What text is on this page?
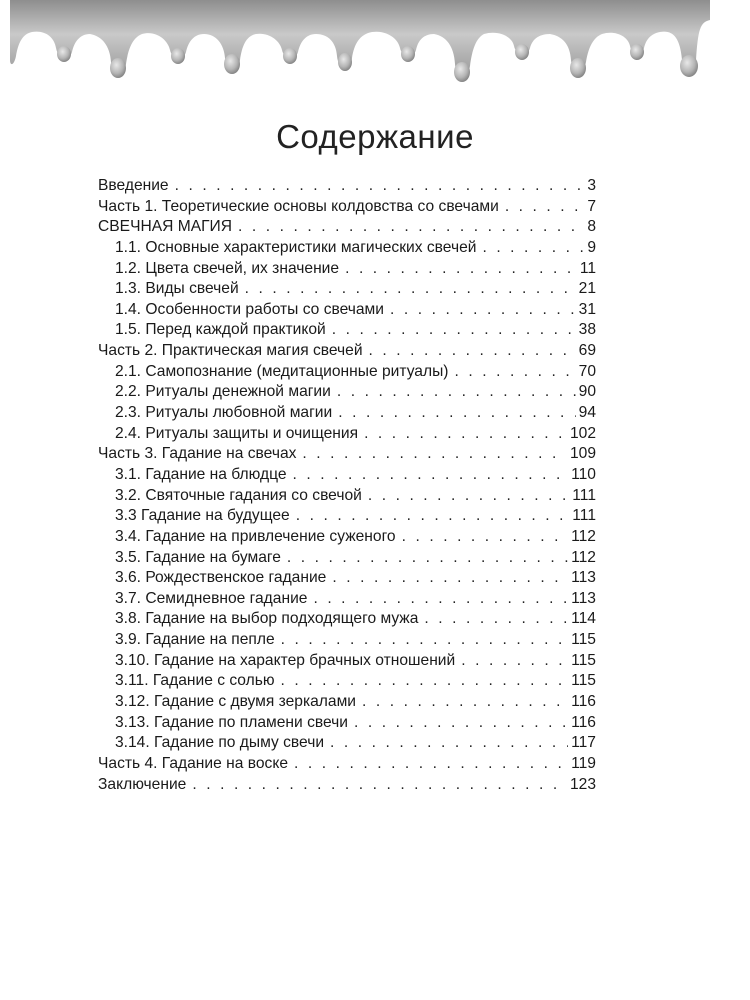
Содержание
Введение . . .	3
Часть 1. Теоретические основы колдовства со свечами . . .	7
СВЕЧНАЯ МАГИЯ . . .	8
1.1. Основные характеристики магических свечей . . .	9
1.2. Цвета свечей, их значение . . .	11
1.3. Виды свечей . . .	21
1.4. Особенности работы со свечами . . .	31
1.5. Перед каждой практикой . . .	38
Часть 2. Практическая магия свечей . . .	69
2.1. Самопознание (медитационные ритуалы) . . .	70
2.2. Ритуалы денежной магии . . .	90
2.3. Ритуалы любовной магии . . .	94
2.4. Ритуалы защиты и очищения . . .	102
Часть 3. Гадание на свечах . . .	109
3.1. Гадание на блюдце . . .	110
3.2. Святочные гадания со свечой . . .	111
3.3 Гадание на будущее . . .	111
3.4. Гадание на привлечение суженого . . .	112
3.5. Гадание на бумаге . . .	112
3.6. Рождественское гадание . . .	113
3.7. Семидневное гадание . . .	113
3.8. Гадание на выбор подходящего мужа . . .	114
3.9. Гадание на пепле . . .	115
3.10. Гадание на характер брачных отношений . . .	115
3.11. Гадание с солью . . .	115
3.12. Гадание с двумя зеркалами . . .	116
3.13. Гадание по пламени свечи . . .	116
3.14. Гадание по дыму свечи . . .	117
Часть 4. Гадание на воске . . .	119
Заключение . . .	123
